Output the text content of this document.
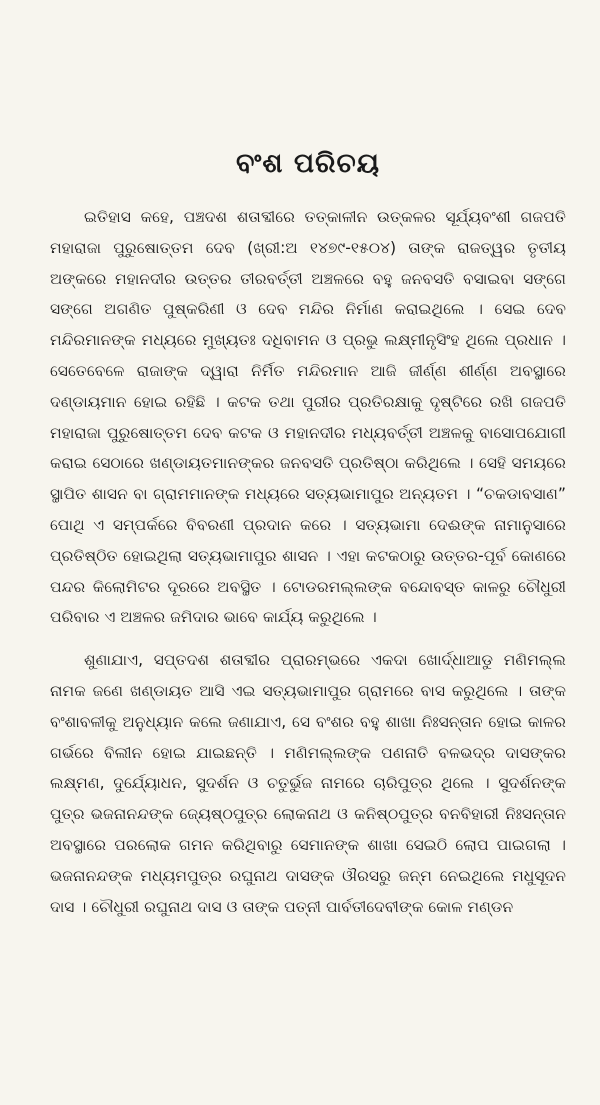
ବଂଶ ପରିଚୟ

ଇତିହାସ କହେ, ପଞ୍ଚଦଶ ଶତାବ୍ଦୀରେ ତତ୍କାଳୀନ ଉତ୍କଳର ସୂର୍ଯ୍ୟବଂଶୀ ଗଜପତି ମହାରାଜା ପୁରୁଷୋତ୍ତମ ଦେବ (ଖ୍ରୀ:ଅ ୧୪୭୯-୧୫୦୪) ତାଙ୍କ ରାଜତ୍ୱର ତୃତୀୟ ଅଙ୍କରେ ମହାନଦୀର ଉତ୍ତର ତୀରବର୍ତ୍ତୀ ଅଞ୍ଚଳରେ ବହୁ ଜନବସତି ବସାଇବା ସଙ୍ଗେ ସଙ୍ଗେ ଅଗଣିତ ପୁଷ୍କରିଣୀ ଓ ଦେବ ମନ୍ଦିର ନିର୍ମାଣ କରାଇଥିଲେ । ସେଇ ଦେବ ମନ୍ଦିରମାନଙ୍କ ମଧ୍ୟରେ ମୁଖ୍ୟତଃ ଦଧିବାମନ ଓ ପ୍ରଭୁ ଲକ୍ଷ୍ମୀନୃସିଂହ ଥିଲେ ପ୍ରଧାନ । ସେତେବେଳେ ରାଜାଙ୍କ ଦ୍ୱାରା ନିର୍ମିତ ମନ୍ଦିରମାନ ଆଜି ଜୀର୍ଣ୍ଣ ଶୀର୍ଣ୍ଣ ଅବସ୍ଥାରେ ଦଣ୍ଡାୟମାନ ହୋଇ ରହିଛି । କଟକ ତଥା ପୁରୀର ପ୍ରତିରକ୍ଷାକୁ ଦୃଷ୍ଟିରେ ରଖି ଗଜପତି ମହାରାଜା ପୁରୁଷୋତ୍ତମ ଦେବ କଟକ ଓ ମହାନଦୀର ମଧ୍ୟବର୍ତ୍ତୀ ଅଞ୍ଚଳକୁ ବାସୋପଯୋଗୀ କରାଇ ସେଠାରେ ଖଣ୍ଡାୟତମାନଙ୍କର ଜନବସତି ପ୍ରତିଷ୍ଠା କରିଥିଲେ । ସେହି ସମୟରେ ସ୍ଥାପିତ ଶାସନ ବା ଗ୍ରାମମାନଙ୍କ ମଧ୍ୟରେ ସତ୍ୟଭାମାପୁର ଅନ୍ୟତମ । “ଚକଡାବସାଣ” ପୋଥି ଏ ସମ୍ପର୍କରେ ବିବରଣୀ ପ୍ରଦାନ କରେ । ସତ୍ୟଭାମା ଦେଈଙ୍କ ନାମାନୁସାରେ ପ୍ରତିଷ୍ଠିତ ହୋଇଥିଲା ସତ୍ୟଭାମାପୁର ଶାସନ । ଏହା କଟକଠାରୁ ଉତ୍ତର-ପୂର୍ବ କୋଣରେ ପନ୍ଦର କିଲୋମିଟର ଦୂରରେ ଅବସ୍ଥିତ । ଟୋଡରମଲ୍ଲଙ୍କ ବନ୍ଦୋବସ୍ତ କାଳରୁ ଚୌଧୁରୀ ପରିବାର ଏ ଅଞ୍ଚଳର ଜମିଦାର ଭାବେ କାର୍ଯ୍ୟ କରୁଥିଲେ ।

ଶୁଣାଯାଏ, ସପ୍ତଦଶ ଶତାବ୍ଦୀର ପ୍ରାରମ୍ଭରେ ଏକଦା ଖୋର୍ଦ୍ଧାଆଡୁ ମଣିମଲ୍ଲ ନାମକ ଜଣେ ଖଣ୍ଡାୟତ ଆସି ଏଇ ସତ୍ୟଭାମାପୁର ଗ୍ରାମରେ ବାସ କରୁଥିଲେ । ତାଙ୍କ ବଂଶାବଳୀକୁ ଅନୁଧ୍ୟାନ କଲେ ଜଣାଯାଏ, ସେ ବଂଶର ବହୁ ଶାଖା ନିଃସନ୍ତାନ ହୋଇ କାଳର ଗର୍ଭରେ ବିଲୀନ ହୋଇ ଯାଇଛନ୍ତି । ମଣିମଲ୍ଲଙ୍କ ପଣନାତି ବଳଭଦ୍ର ଦାସଙ୍କର ଲକ୍ଷ୍ମଣ, ଦୁର୍ଯ୍ୟୋଧନ, ସୁଦର୍ଶନ ଓ ଚତୁର୍ଭୁଜ ନାମରେ ଚାରିପୁତ୍ର ଥିଲେ । ସୁଦର୍ଶନଙ୍କ ପୁତ୍ର ଭଜନାନନ୍ଦଙ୍କ ଜ୍ୟେଷ୍ଠପୁତ୍ର ଲୋକନାଥ ଓ କନିଷ୍ଠପୁତ୍ର ବନବିହାରୀ ନିଃସନ୍ତାନ ଅବସ୍ଥାରେ ପରଲୋକ ଗମନ କରିଥିବାରୁ ସେମାନଙ୍କ ଶାଖା ସେଇଠି ଲୋପ ପାଇଗଲା । ଭଜନାନନ୍ଦଙ୍କ ମଧ୍ୟମପୁତ୍ର ରଘୁନାଥ ଦାସଙ୍କ ଔରସରୁ ଜନ୍ମ ନେଇଥିଲେ ମଧୁସୂଦନ ଦାସ । ଚୌଧୁରୀ ରଘୁନାଥ ଦାସ ଓ ତାଙ୍କ ପତ୍ନୀ ପାର୍ବତୀଦେବୀଙ୍କ କୋଳ ମଣ୍ଡନ
